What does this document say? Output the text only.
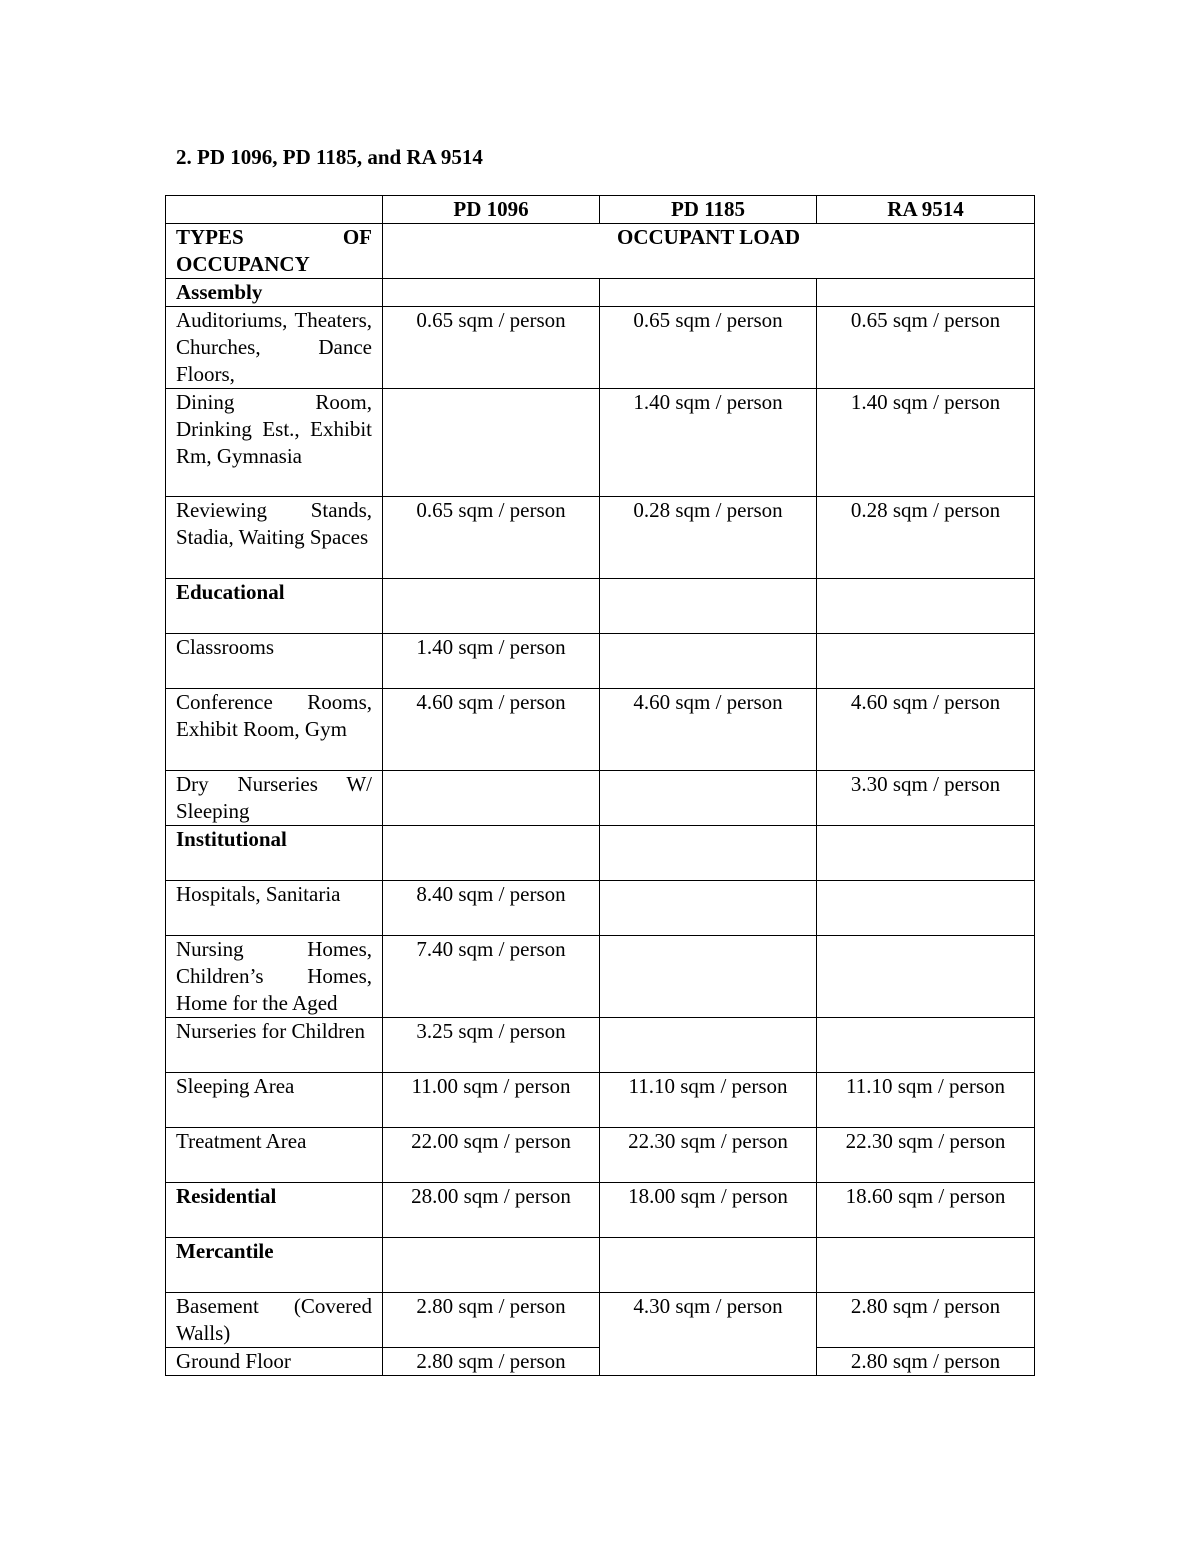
2. PD 1096, PD 1185, and RA 9514
	PD 1096	PD 1185	RA 9514
TYPES OF OCCUPANCY	OCCUPANT LOAD		
Assembly			
Auditoriums, Theaters, Churches, Dance Floors,	0.65 sqm / person	0.65 sqm / person	0.65 sqm / person
Dining Room, Drinking Est., Exhibit Rm, Gymnasia		1.40 sqm / person	1.40 sqm / person
Reviewing Stands, Stadia, Waiting Spaces	0.65 sqm / person	0.28 sqm / person	0.28 sqm / person
Educational			
Classrooms	1.40 sqm / person		
Conference Rooms, Exhibit Room, Gym	4.60 sqm / person	4.60 sqm / person	4.60 sqm / person
Dry Nurseries W/ Sleeping			3.30 sqm / person
Institutional			
Hospitals, Sanitaria	8.40 sqm / person		
Nursing Homes, Children’s Homes, Home for the Aged	7.40 sqm / person		
Nurseries for Children	3.25 sqm / person		
Sleeping Area	11.00 sqm / person	11.10 sqm / person	11.10 sqm / person
Treatment Area	22.00 sqm / person	22.30 sqm / person	22.30 sqm / person
Residential	28.00 sqm / person	18.00 sqm / person	18.60 sqm / person
Mercantile			
Basement (Covered Walls)	2.80 sqm / person	4.30 sqm / person	2.80 sqm / person
Ground Floor	2.80 sqm / person		2.80 sqm / person
